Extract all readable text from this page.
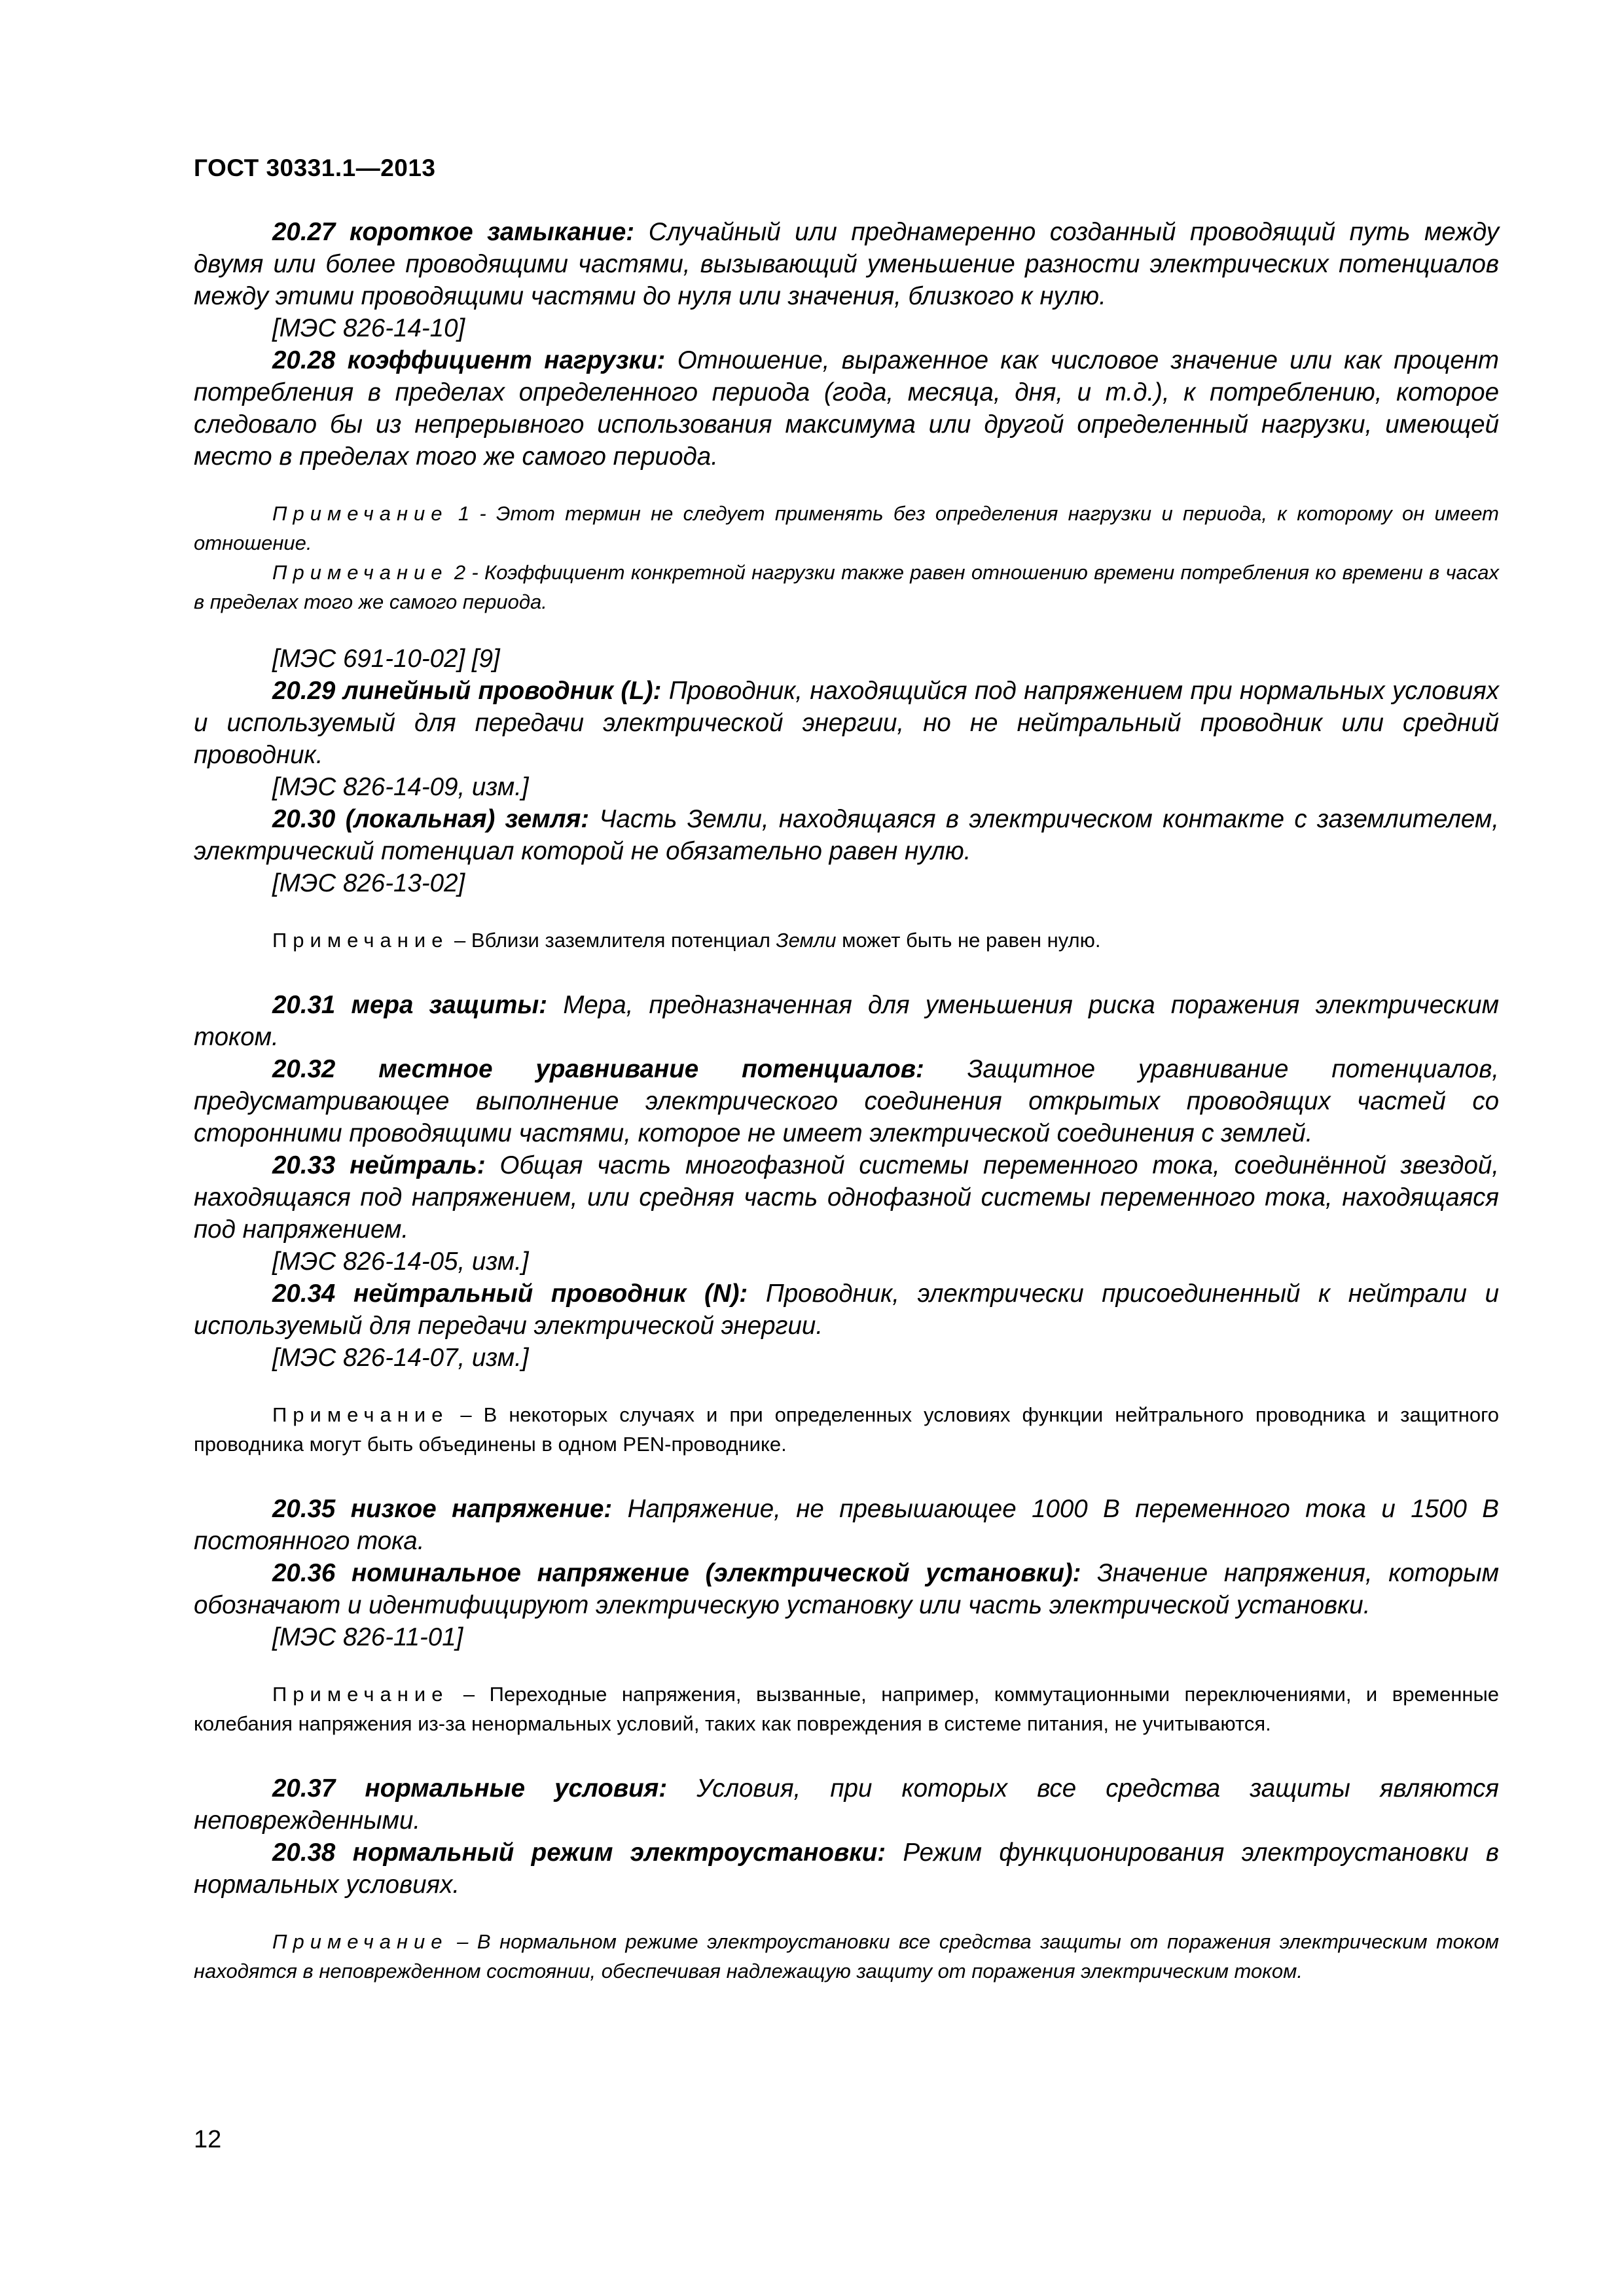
ГОСТ 30331.1—2013

20.27 короткое замыкание: Случайный или преднамеренно созданный проводящий путь между двумя или более проводящими частями, вызывающий уменьшение разности электрических потенциалов между этими проводящими частями до нуля или значения, близкого к нулю.

[МЭС 826-14-10]

20.28 коэффициент нагрузки: Отношение, выраженное как числовое значение или как процент потребления в пределах определенного периода (года, месяца, дня, и т.д.), к потреблению, которое следовало бы из непрерывного использования максимума или другой определенный нагрузки, имеющей место в пределах того же самого периода.

Примечание 1 - Этот термин не следует применять без определения нагрузки и периода, к которому он имеет отношение.

Примечание 2 - Коэффициент конкретной нагрузки также равен отношению времени потребления ко времени в часах в пределах того же самого периода.

[МЭС 691-10-02] [9]

20.29 линейный проводник (L): Проводник, находящийся под напряжением при нормальных условиях и используемый для передачи электрической энергии, но не нейтральный проводник или средний проводник.

[МЭС 826-14-09, изм.]

20.30 (локальная) земля: Часть Земли, находящаяся в электрическом контакте с заземлителем, электрический потенциал которой не обязательно равен нулю.

[МЭС 826-13-02]

Примечание – Вблизи заземлителя потенциал Земли может быть не равен нулю.

20.31 мера защиты: Мера, предназначенная для уменьшения риска поражения электрическим током.

20.32 местное уравнивание потенциалов: Защитное уравнивание потенциалов, предусматривающее выполнение электрического соединения открытых проводящих частей со сторонними проводящими частями, которое не имеет электрической соединения с землей.

20.33 нейтраль: Общая часть многофазной системы переменного тока, соединённой звездой, находящаяся под напряжением, или средняя часть однофазной системы переменного тока, находящаяся под напряжением.

[МЭС 826-14-05, изм.]

20.34 нейтральный проводник (N): Проводник, электрически присоединенный к нейтрали и используемый для передачи электрической энергии.

[МЭС 826-14-07, изм.]

Примечание – В некоторых случаях и при определенных условиях функции нейтрального проводника и защитного проводника могут быть объединены в одном PEN-проводнике.

20.35 низкое напряжение: Напряжение, не превышающее 1000 В переменного тока и 1500 В постоянного тока.

20.36 номинальное напряжение (электрической установки): Значение напряжения, которым обозначают и идентифицируют электрическую установку или часть электрической установки.

[МЭС 826-11-01]

Примечание – Переходные напряжения, вызванные, например, коммутационными переключениями, и временные колебания напряжения из-за ненормальных условий, таких как повреждения в системе питания, не учитываются.

20.37 нормальные условия: Условия, при которых все средства защиты являются неповрежденными.

20.38 нормальный режим электроустановки: Режим функционирования электроустановки в нормальных условиях.

Примечание – В нормальном режиме электроустановки все средства защиты от поражения электрическим током находятся в неповрежденном состоянии, обеспечивая надлежащую защиту от поражения электрическим током.

12
